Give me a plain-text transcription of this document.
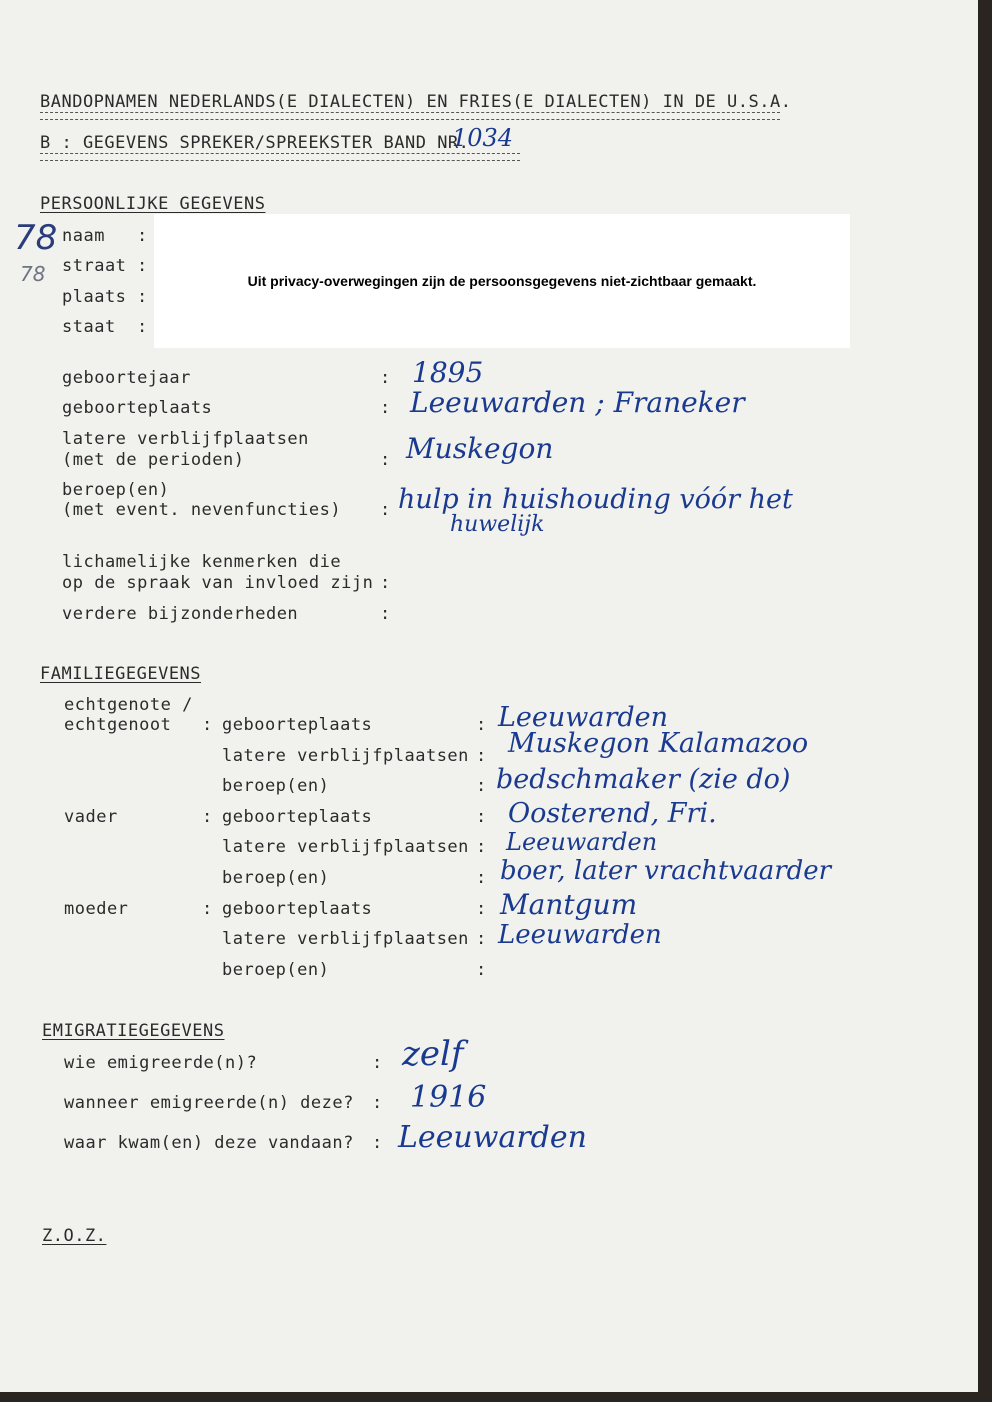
BANDOPNAMEN NEDERLANDS(E DIALECTEN) EN FRIES(E DIALECTEN) IN DE U.S.A.
B : GEGEVENS SPREKER/SPREEKSTER BAND NR.
1034
PERSOONLIJKE GEGEVENS
78
78
naam :
straat :
plaats :
staat :
Uit privacy-overwegingen zijn de persoonsgegevens niet-zichtbaar gemaakt.
geboortejaar	: 1895
geboorteplaats	: Leeuwarden ; Franeker
latere verblijfplaatsen
(met de perioden)	: Muskegon
beroep(en)
(met event. nevenfuncties) : hulp in huishouding vóór het
huwelijk
lichamelijke kenmerken die
op de spraak van invloed zijn :
verdere bijzonderheden	:
FAMILIEGEGEVENS
echtgenote /
echtgenoot : geboorteplaats	: Leeuwarden
latere verblijfplaatsen : Muskegon Kalamazoo
beroep(en)	: bedschmaker (zie do)
vader	: geboorteplaats	: Oosterend, Fri.
latere verblijfplaatsen : Leeuwarden
beroep(en)	: boer, later vrachtvaarder
moeder	: geboorteplaats	: Mantgum
latere verblijfplaatsen : Leeuwarden
beroep(en)	:
EMIGRATIEGEGEVENS
wie emigreerde(n)?	: zelf
wanneer emigreerde(n) deze? : 1916
waar kwam(en) deze vandaan? : Leeuwarden
Z.O.Z.
